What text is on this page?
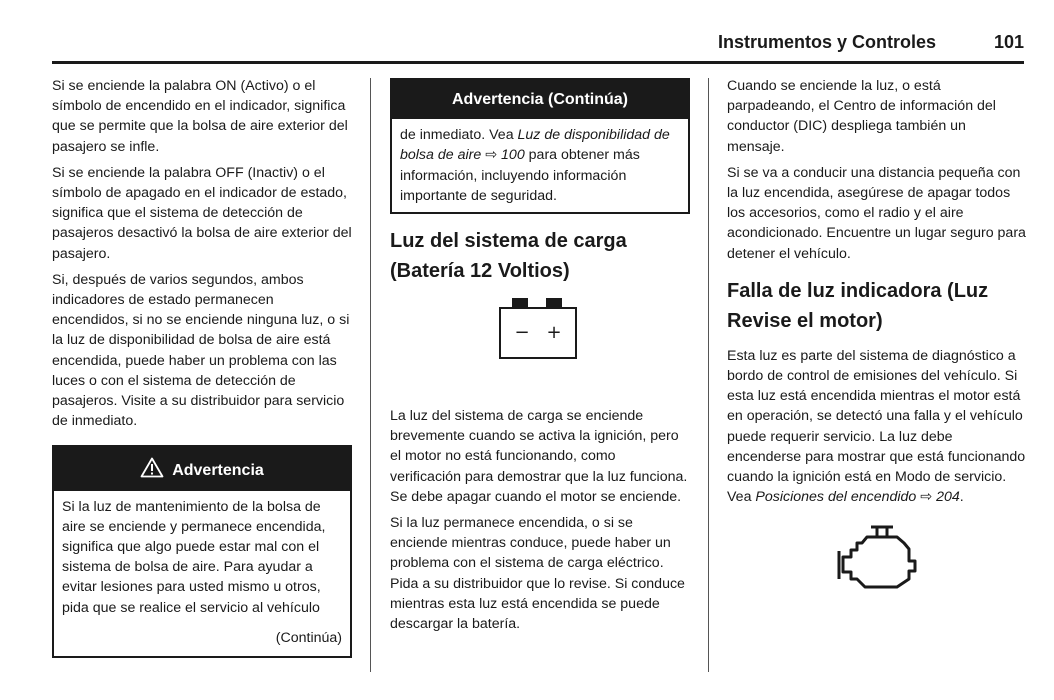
Instrumentos y Controles	101

Si se enciende la palabra ON (Activo) o el símbolo de encendido en el indicador, significa que se permite que la bolsa de aire exterior del pasajero se infle.

Si se enciende la palabra OFF (Inactiv) o el símbolo de apagado en el indicador de estado, significa que el sistema de detección de pasajeros desactivó la bolsa de aire exterior del pasajero.

Si, después de varios segundos, ambos indicadores de estado permanecen encendidos, si no se enciende ninguna luz, o si la luz de disponibilidad de bolsa de aire está encendida, puede haber un problema con las luces o con el sistema de detección de pasajeros. Visite a su distribuidor para servicio de inmediato.

Advertencia

Si la luz de mantenimiento de la bolsa de aire se enciende y permanece encendida, significa que algo puede estar mal con el sistema de bolsa de aire. Para ayudar a evitar lesiones para usted mismo u otros, pida que se realice el servicio al vehículo

(Continúa)
Advertencia (Continúa)

de inmediato. Vea Luz de disponibilidad de bolsa de aire ⇨ 100 para obtener más información, incluyendo información importante de seguridad.

Luz del sistema de carga (Batería 12 Voltios)
− +

La luz del sistema de carga se enciende brevemente cuando se activa la ignición, pero el motor no está funcionando, como verificación para demostrar que la luz funciona. Se debe apagar cuando el motor se enciende.

Si la luz permanece encendida, o si se enciende mientras conduce, puede haber un problema con el sistema de carga eléctrico. Pida a su distribuidor que lo revise. Si conduce mientras esta luz está encendida se puede descargar la batería.

Cuando se enciende la luz, o está parpadeando, el Centro de información del conductor (DIC) despliega también un mensaje.

Si se va a conducir una distancia pequeña con la luz encendida, asegúrese de apagar todos los accesorios, como el radio y el aire acondicionado. Encuentre un lugar seguro para detener el vehículo.

Falla de luz indicadora (Luz Revise el motor)

Esta luz es parte del sistema de diagnóstico a bordo de control de emisiones del vehículo. Si esta luz está encendida mientras el motor está en operación, se detectó una falla y el vehículo puede requerir servicio. La luz debe encenderse para mostrar que está funcionando cuando la ignición está en Modo de servicio.

Vea Posiciones del encendido ⇨ 204.
